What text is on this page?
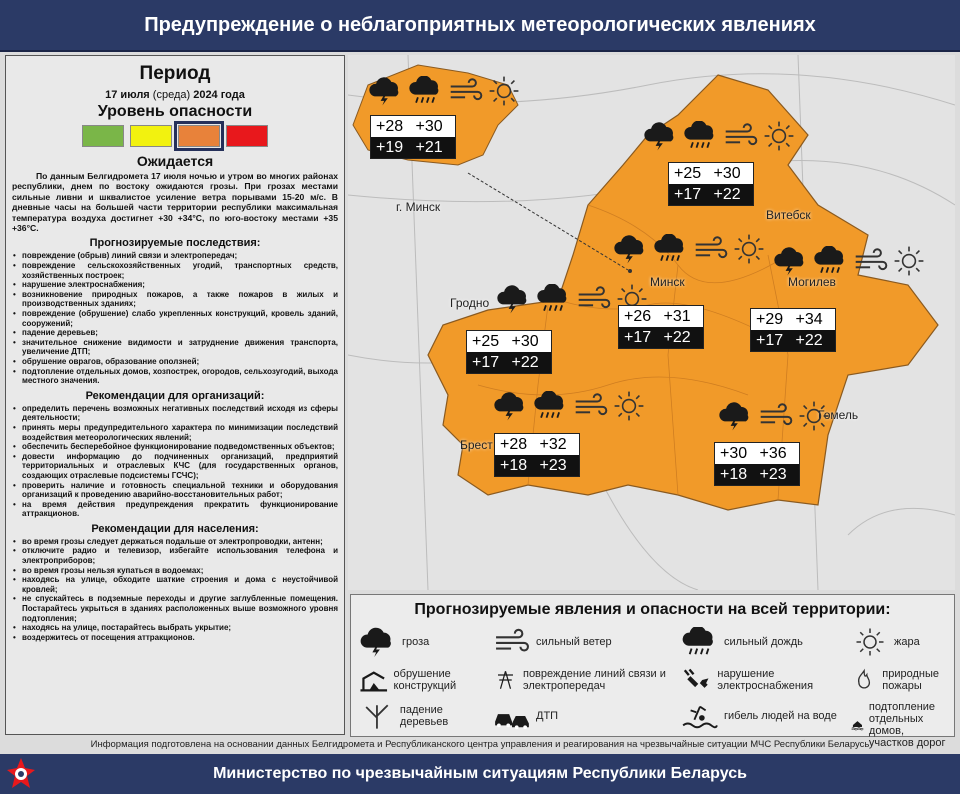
Предупреждение о неблагоприятных метеорологических явлениях
Период
17 июля (среда) 2024 года
Уровень опасности
Ожидается
По данным Белгидромета 17 июля ночью и утром во многих районах республики, днем по востоку ожидаются грозы. При грозах местами сильные ливни и шквалистое усиление ветра порывами 15-20 м/с. В дневные часы на большей части территории республики максимальная температура воздуха достигнет +30 +34°С, по юго-востоку местами +35 +36°С.
Прогнозируемые последствия:
• повреждение (обрыв) линий связи и электропередач;
• повреждение сельскохозяйственных угодий, транспортных средств, хозяйственных построек;
• нарушение электроснабжения;
• возникновение природных пожаров, а также пожаров в жилых и производственных зданиях;
• повреждение (обрушение) слабо укрепленных конструкций, кровель зданий, сооружений;
• падение деревьев;
• значительное снижение видимости и затруднение движения транспорта, увеличение ДТП;
• обрушение оврагов, образование оползней;
• подтопление отдельных домов, хозпострек, огородов, сельхозугодий, выхода местного значения.
Рекомендации для организаций:
• определить перечень возможных негативных последствий исходя из сферы деятельности;
• принять меры предупредительного характера по минимизации последствий воздействия метеорологических явлений;
• обеспечить бесперебойное функционирование подведомственных объектов;
• довести информацию до подчиненных организаций, предприятий территориальных и отраслевых КЧС (для государственных органов, создающих отраслевые подсистемы ГСЧС);
• проверить наличие и готовность специальной техники и оборудования организаций к проведению аварийно-восстановительных работ;
• на время действия предупреждения прекратить функционирование аттракционов.
Рекомендации для населения:
• во время грозы следует держаться подальше от электропроводки, антенн;
• отключите радио и телевизор, избегайте использования телефона и электроприборов;
• во время грозы нельзя купаться в водоемах;
• находясь на улице, обходите шаткие строения и дома с неустойчивой кровлей;
• не спускайтесь в подземные переходы и другие заглубленные помещения. Постарайтесь укрыться в зданиях расположенных выше возможного уровня подтопления;
• находясь на улице, постарайтесь выбрать укрытие;
• воздержитесь от посещения аттракционов.
г. Минск
Витебск
Минск	Могилев
Гродно
Брест
Гомель
+28 +30
+19 +21
+25 +30
+17 +22
+26 +31
+17 +22
+29 +34
+17 +22
+25 +30
+17 +22
+28 +32
+18 +23
+30 +36
+18 +23
Прогнозируемые явления и опасности на всей территории:
гроза	сильный ветер	сильный дождь	жара
обрушение конструкций
повреждение линий связи и электропередач
нарушение электроснабжения
природные пожары
падение деревьев	ДТП	гибель людей на воде
подтопление отдельных домов, участков дорог
Информация подготовлена на основании данных Белгидромета и Республиканского центра управления и реагирования на чрезвычайные ситуации МЧС Республики Беларусь
Министерство по чрезвычайным ситуациям Республики Беларусь
